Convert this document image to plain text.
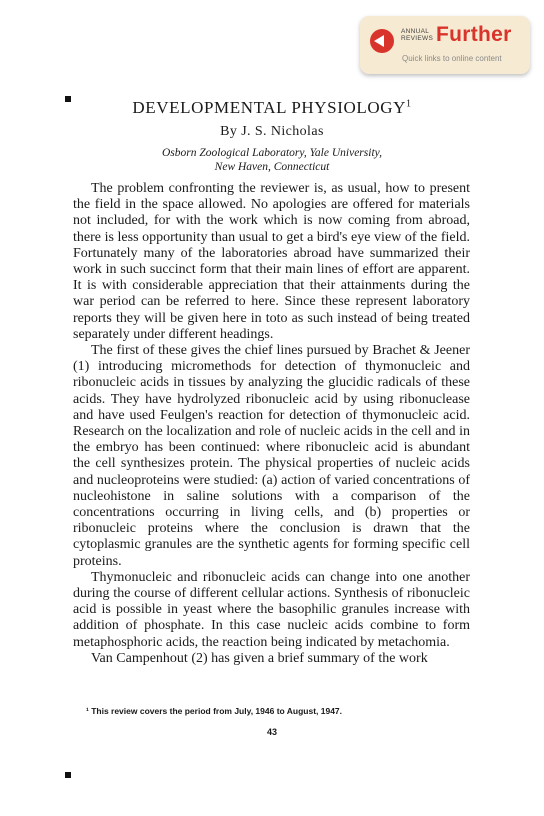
ANNUAL
REVIEWS Further
Quick links to online content
DEVELOPMENTAL PHYSIOLOGY$^1$
By J. S. Nicholas
Osborn Zoological Laboratory, Yale University,
New Haven, Connecticut

The problem confronting the reviewer is, as usual, how to present the field in the space allowed. No apologies are offered for materials not included, for with the work which is now coming from abroad, there is less opportunity than usual to get a bird's eye view of the field. Fortunately many of the laboratories abroad have summarized their work in such succinct form that their main lines of effort are apparent. It is with considerable appreciation that their attainments during the war period can be referred to here. Since these represent laboratory reports they will be given here in toto as such instead of being treated separately under different headings.

The first of these gives the chief lines pursued by Brachet & Jeener (1) introducing micromethods for detection of thymonucleic and ribonucleic acids in tissues by analyzing the glucidic radicals of these acids. They have hydrolyzed ribonucleic acid by using ribonuclease and have used Feulgen's reaction for detection of thymonucleic acid. Research on the localization and role of nucleic acids in the cell and in the embryo has been continued: where ribonucleic acid is abundant the cell synthesizes protein. The physical properties of nucleic acids and nucleoproteins were studied: (a) action of varied concentrations of nucleohistone in saline solutions with a comparison of the concentrations occurring in living cells, and (b) properties or ribonucleic proteins where the conclusion is drawn that the cytoplasmic granules are the synthetic agents for forming specific cell proteins.

Thymonucleic and ribonucleic acids can change into one another during the course of different cellular actions. Synthesis of ribonucleic acid is possible in yeast where the basophilic granules increase with addition of phosphate. In this case nucleic acids combine to form metaphosphoric acids, the reaction being indicated by metachomia.

Van Campenhout (2) has given a brief summary of the work

¹ This review covers the period from July, 1946 to August, 1947.
43
